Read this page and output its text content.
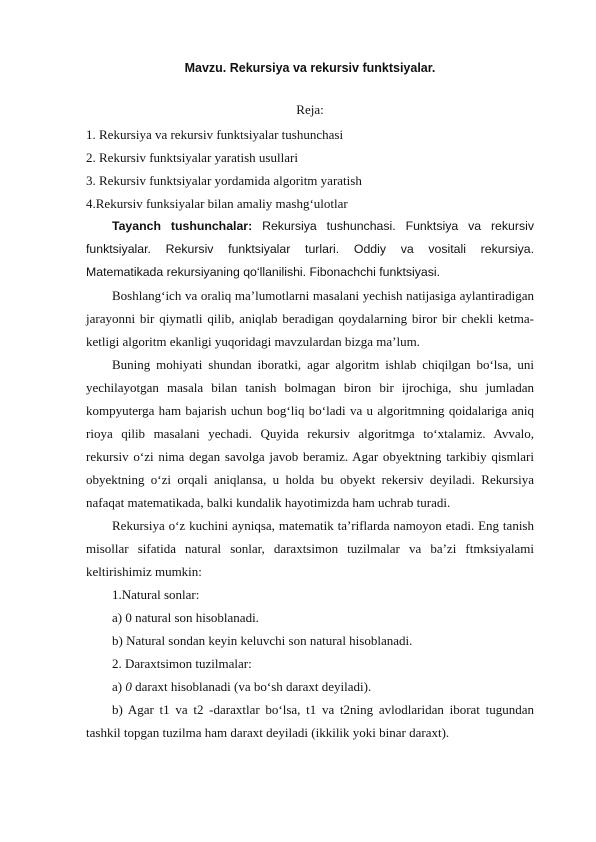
Mavzu. Rekursiya va rekursiv funktsiyalar.
Reja:
1. Rekursiya va rekursiv funktsiyalar tushunchasi
2. Rekursiv funktsiyalar yaratish usullari
3. Rekursiv funktsiyalar yordamida algoritm yaratish
4.Rekursiv funksiyalar bilan amaliy mashg‘ulotlar

Tayanch tushunchalar: Rekursiya tushunchasi. Funktsiya va rekursiv funktsiyalar. Rekursiv funktsiyalar turlari. Oddiy va vositali rekursiya. Matematikada rekursiyaning qo‘llanilishi. Fibonachchi funktsiyasi.

Boshlang‘ich va oraliq ma’lumotlarni masalani yechish natijasiga aylantiradigan jarayonni bir qiymatli qilib, aniqlab beradigan qoydalarning biror bir chekli ketma-ketligi algoritm ekanligi yuqoridagi mavzulardan bizga ma’lum.

Buning mohiyati shundan iboratki, agar algoritm ishlab chiqilgan bo‘lsa, uni yechilayotgan masala bilan tanish bolmagan biron bir ijrochiga, shu jumladan kompyuterga ham bajarish uchun bog‘liq bo‘ladi va u algoritmning qoidalariga aniq rioya qilib masalani yechadi. Quyida rekursiv algoritmga to‘xtalamiz. Avvalo, rekursiv o‘zi nima degan savolga javob beramiz. Agar obyektning tarkibiy qismlari obyektning o‘zi orqali aniqlansa, u holda bu obyekt rekersiv deyiladi. Rekursiya nafaqat matematikada, balki kundalik hayotimizda ham uchrab turadi.

Rekursiya o‘z kuchini ayniqsa, matematik ta’riflarda namoyon etadi. Eng tanish misollar sifatida natural sonlar, daraxtsimon tuzilmalar va ba’zi ftmksiyalami keltirishimiz mumkin:

1.Natural sonlar:

a) 0 natural son hisoblanadi.

b) Natural sondan keyin keluvchi son natural hisoblanadi.

2. Daraxtsimon tuzilmalar:

a) 0 daraxt hisoblanadi (va bo‘sh daraxt deyiladi).

b) Agar t1 va t2 -daraxtlar bo‘lsa, t1 va t2ning avlodlaridan iborat tugundan tashkil topgan tuzilma ham daraxt deyiladi (ikkilik yoki binar daraxt).
